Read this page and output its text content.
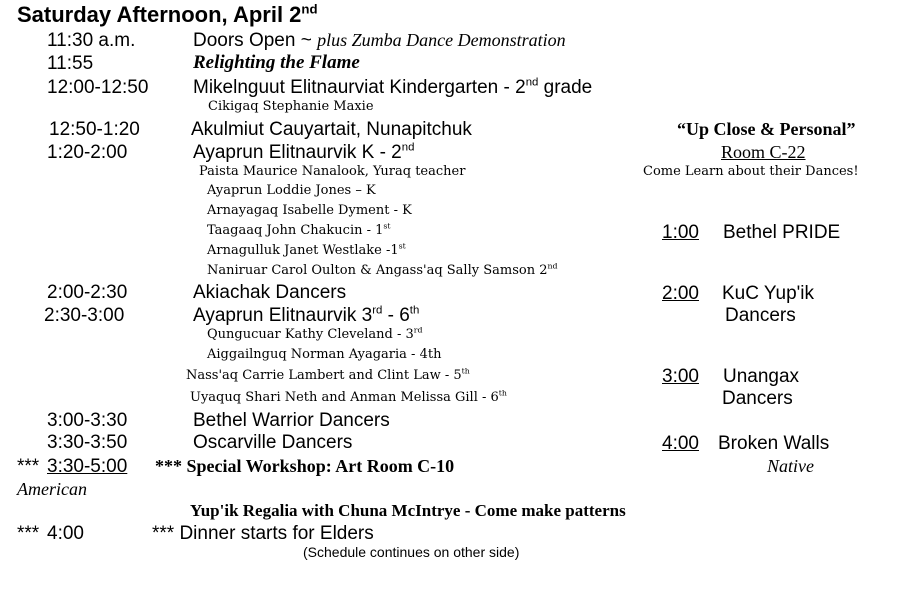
Saturday Afternoon, April 2nd
11:30 a.m.	Doors Open ~ plus Zumba Dance Demonstration
11:55	Relighting the Flame
12:00-12:50 Mikelnguut Elitnaurviat Kindergarten - 2nd grade
Cikigaq Stephanie Maxie
12:50-1:20	Akulmiut Cauyartait, Nunapitchuk
1:20-2:00	Ayaprun Elitnaurvik K - 2nd
Paista Maurice Nanalook, Yuraq teacher
Ayaprun Loddie Jones – K
Arnayagaq Isabelle Dyment - K
Taagaaq John Chakucin - 1st
Arnagulluk Janet Westlake -1st
Naniruar Carol Oulton & Angass'aq Sally Samson 2nd
2:00-2:30	Akiachak Dancers
2:30-3:00	Ayaprun Elitnaurvik 3rd - 6th
Qungucuar Kathy Cleveland - 3rd
Aiggailnguq Norman Ayagaria - 4th
Nass'aq Carrie Lambert and Clint Law - 5th
Uyaquq Shari Neth and Anman Melissa Gill - 6th
3:00-3:30	Bethel Warrior Dancers
3:30-3:50	Oscarville Dancers
*** 3:30-5:00 *** Special Workshop: Art Room C-10
American
Yup'ik Regalia with Chuna McIntrye - Come make patterns
*** 4:00	*** Dinner starts for Elders
(Schedule continues on other side)
“Up Close & Personal”
Room C-22
Come Learn about their Dances!
1:00 Bethel PRIDE
2:00 KuC Yup'ik
Dancers
3:00 Unangax
Dancers
4:00 Broken Walls
Native
